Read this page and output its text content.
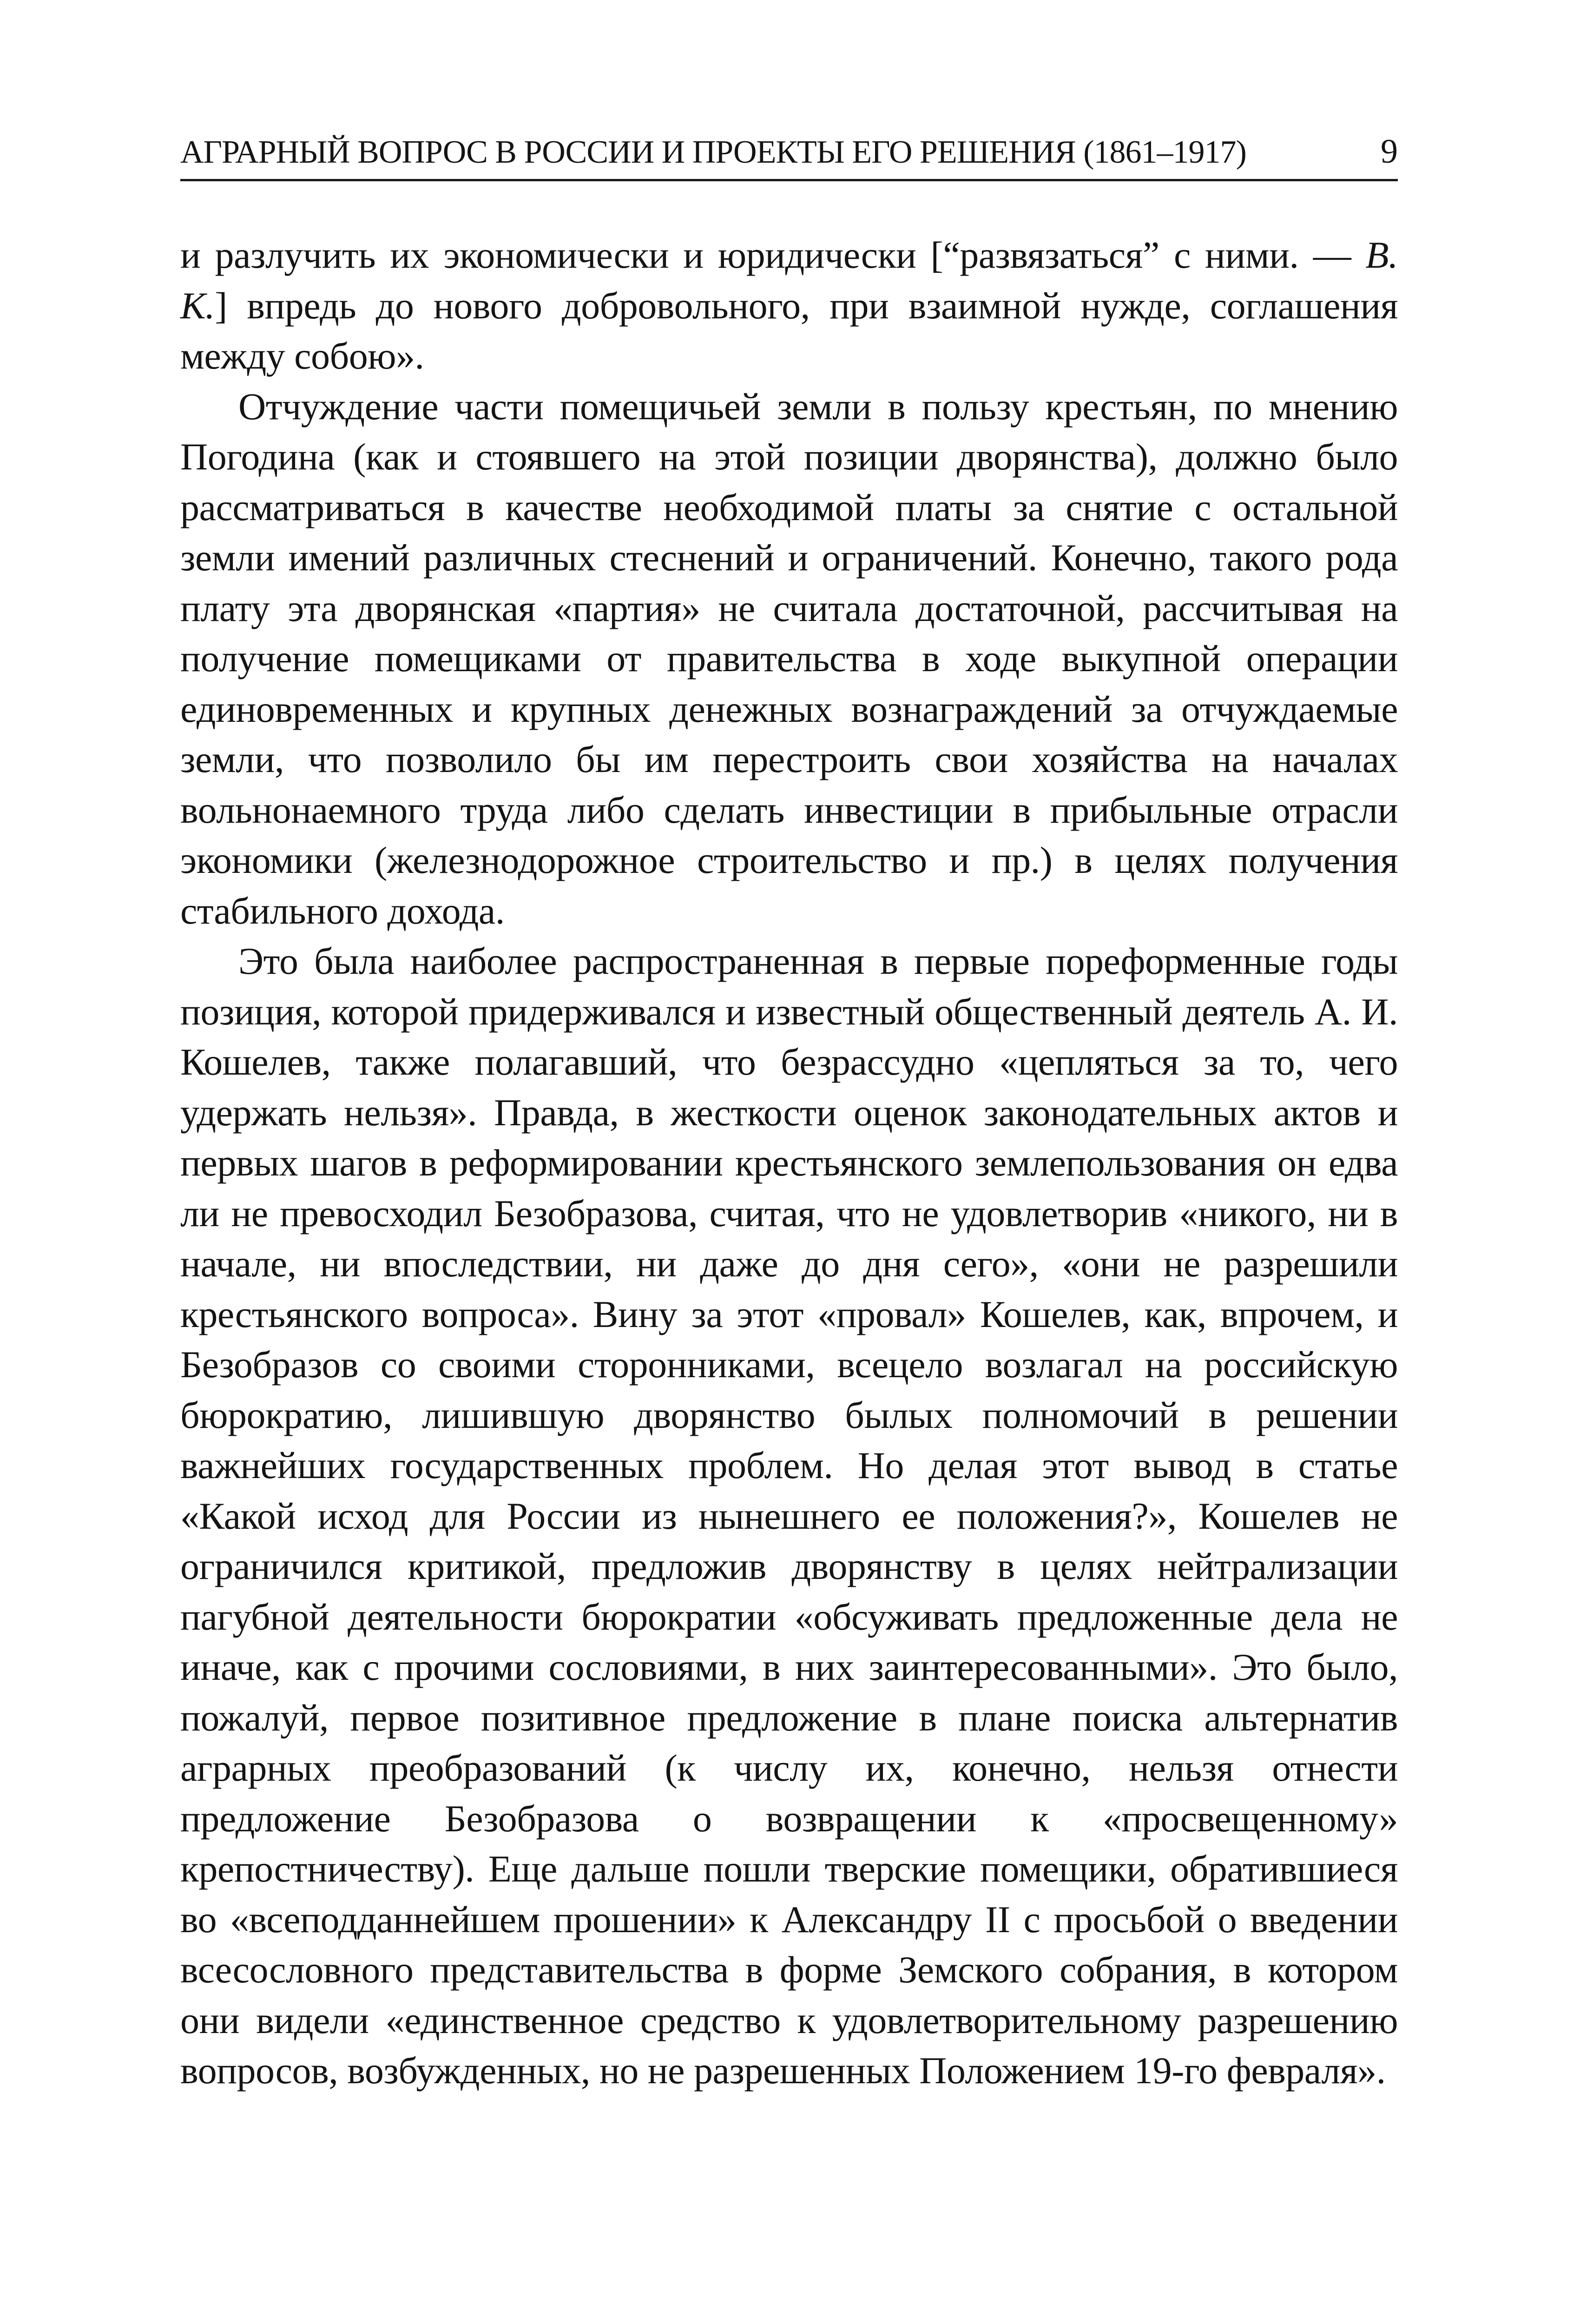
АГРАРНЫЙ ВОПРОС В РОССИИ И ПРОЕКТЫ ЕГО РЕШЕНИЯ (1861–1917)	9

и разлучить их экономически и юридически [“развязаться” с ними. — В. К.] впредь до нового добровольного, при взаимной нужде, соглашения между собою».

Отчуждение части помещичьей земли в пользу крестьян, по мнению Погодина (как и стоявшего на этой позиции дворянства), должно было рассматриваться в качестве необходимой платы за снятие с остальной земли имений различных стеснений и ограничений. Конечно, такого рода плату эта дворянская «партия» не считала достаточной, рассчитывая на получение помещиками от правительства в ходе выкупной операции единовременных и крупных денежных вознаграждений за отчуждаемые земли, что позволило бы им перестроить свои хозяйства на началах вольнонаемного труда либо сделать инвестиции в прибыльные отрасли экономики (железнодорожное строительство и пр.) в целях получения стабильного дохода.

Это была наиболее распространенная в первые пореформенные годы позиция, которой придерживался и известный общественный деятель А. И. Кошелев, также полагавший, что безрассудно «цепляться за то, чего удержать нельзя». Правда, в жесткости оценок законодательных актов и первых шагов в реформировании крестьянского землепользования он едва ли не превосходил Безобразова, считая, что не удовлетворив «никого, ни в начале, ни впоследствии, ни даже до дня сего», «они не разрешили крестьянского вопроса». Вину за этот «провал» Кошелев, как, впрочем, и Безобразов со своими сторонниками, всецело возлагал на российскую бюрократию, лишившую дворянство былых полномочий в решении важнейших государственных проблем. Но делая этот вывод в статье «Какой исход для России из нынешнего ее положения?», Кошелев не ограничился критикой, предложив дворянству в целях нейтрализации пагубной деятельности бюрократии «обсуживать предложенные дела не иначе, как с прочими сословиями, в них заинтересованными». Это было, пожалуй, первое позитивное предложение в плане поиска альтернатив аграрных преобразований (к числу их, конечно, нельзя отнести предложение Безобразова о возвращении к «просвещенному» крепостничеству). Еще дальше пошли тверские помещики, обратившиеся во «всеподданнейшем прошении» к Александру II с просьбой о введении всесословного представительства в форме Земского собрания, в котором они видели «единственное средство к удовлетворительному разрешению вопросов, возбужденных, но не разрешенных Положением 19-го февраля».
